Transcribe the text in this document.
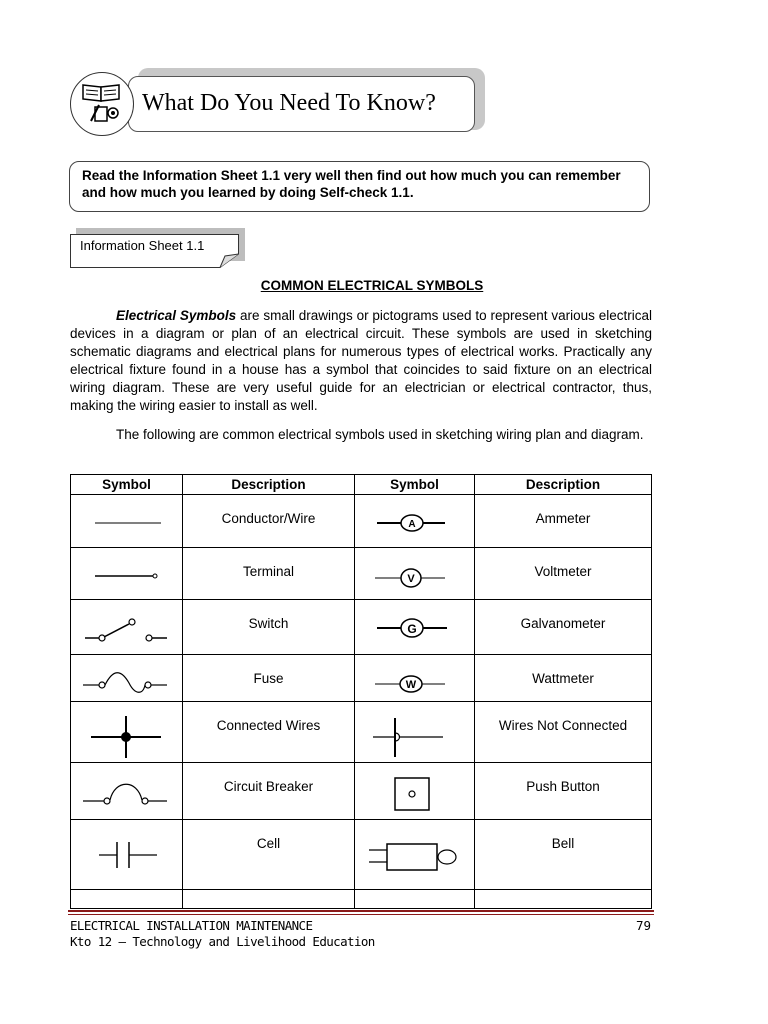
What Do You Need To Know?
Read the Information Sheet 1.1 very well then find out how much you can remember and how much you learned by doing Self-check 1.1.
Information Sheet 1.1
COMMON ELECTRICAL SYMBOLS
Electrical Symbols are small drawings or pictograms used to represent various electrical devices in a diagram or plan of an electrical circuit. These symbols are used in sketching schematic diagrams and electrical plans for numerous types of electrical works. Practically any electrical fixture found in a house has a symbol that coincides to said fixture on an electrical wiring diagram. These are very useful guide for an electrician or electrical contractor, thus, making the wiring easier to install as well.
The following are common electrical symbols used in sketching wiring plan and diagram.
Symbol	Description	Symbol	Description

	Conductor/Wire	A	Ammeter

	Terminal	V	Voltmeter

	Switch	G	Galvanometer

	Fuse	W	Wattmeter

	Connected Wires		Wires Not Connected

	Circuit Breaker		Push Button

	Cell		Bell

ELECTRICAL INSTALLATION MAINTENANCE
Kto 12 – Technology and Livelihood Education
79
